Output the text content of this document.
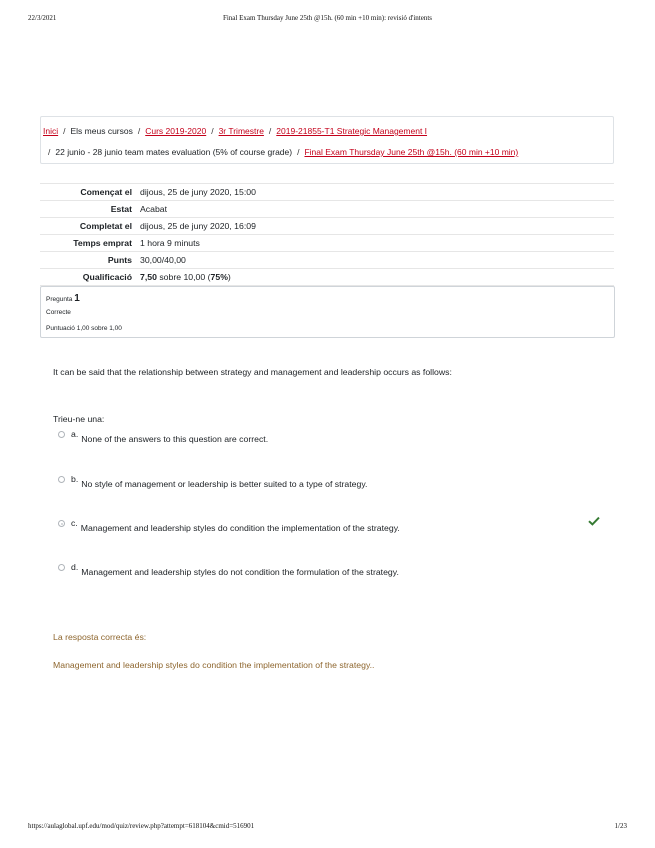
22/3/2021	Final Exam Thursday June 25th @15h. (60 min +10 min): revisió d'intents
Inici / Els meus cursos / Curs 2019-2020 / 3r Trimestre / 2019-21855-T1 Strategic Management I
/ 22 junio - 28 junio team mates evaluation (5% of course grade) / Final Exam Thursday June 25th @15h. (60 min +10 min)
Començat el	dijous, 25 de juny 2020, 15:00
Estat	Acabat
Completat el	dijous, 25 de juny 2020, 16:09
Temps emprat	1 hora 9 minuts
Punts	30,00/40,00
Qualificació	7,50 sobre 10,00 (75%)
Pregunta 1
Correcte
Puntuació 1,00 sobre 1,00
It can be said that the relationship between strategy and management and leadership occurs as follows:
Trieu-ne una:
a. None of the answers to this question are correct.
b. No style of management or leadership is better suited to a type of strategy.
c. Management and leadership styles do condition the implementation of the strategy.
d. Management and leadership styles do not condition the formulation of the strategy.
La resposta correcta és:
Management and leadership styles do condition the implementation of the strategy..
https://aulaglobal.upf.edu/mod/quiz/review.php?attempt=618104&cmid=516901	1/23
